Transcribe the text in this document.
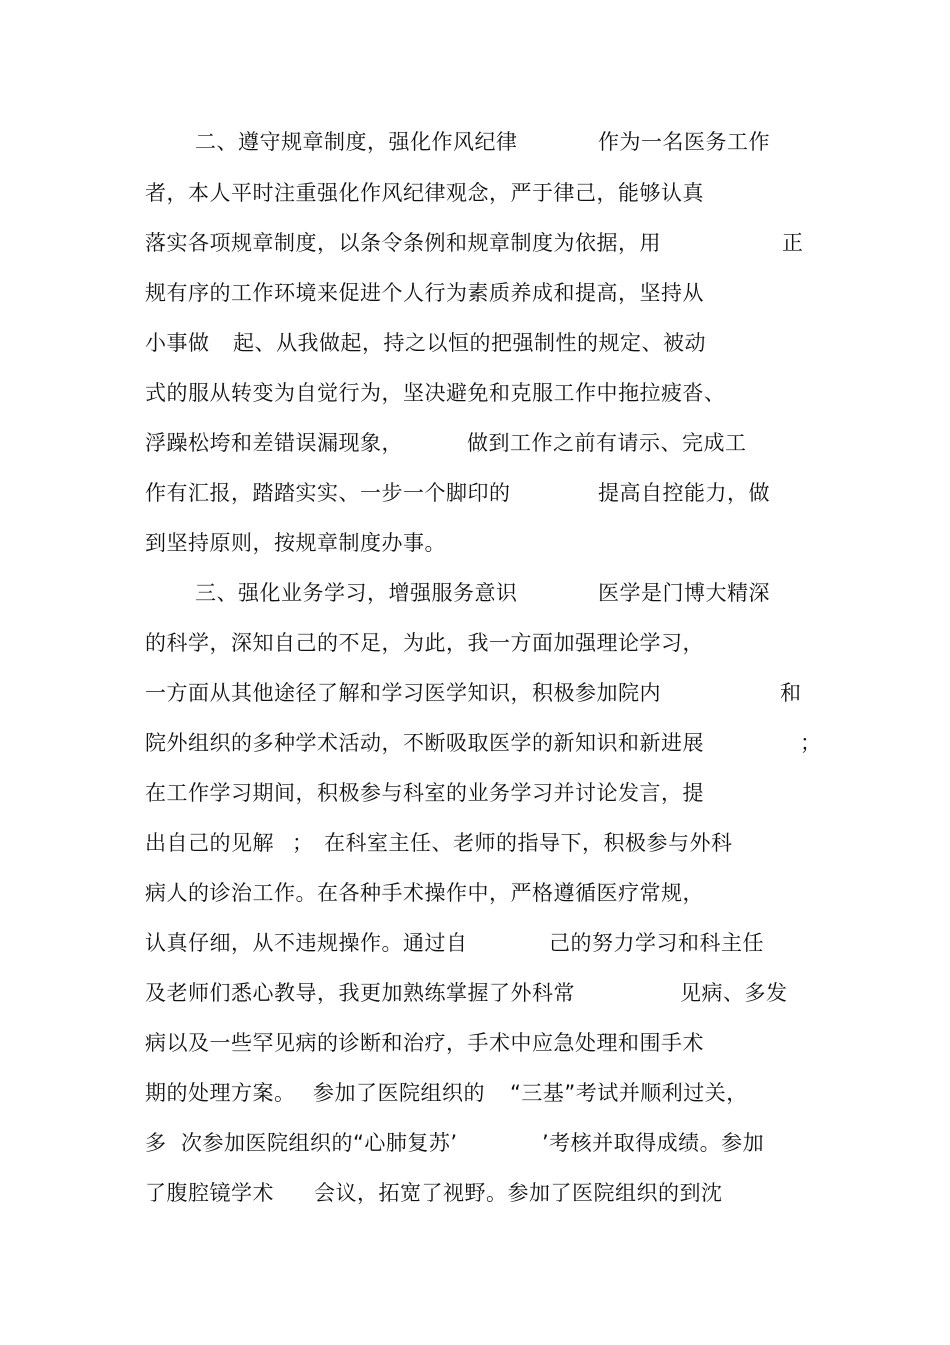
二、遵守规章制度，强化作风纪律

	作为一名医务工作

者，本人平时注重强化作风纪律观念，严于律己，能够认真

落实各项规章制度，以条令条例和规章制度为依据，用

	正

规有序的工作环境来促进个人行为素质养成和提高，坚持从

小事做

起、从我做起，持之以恒的把强制性的规定、被动

式的服从转变为自觉行为，坚决避免和克服工作中拖拉疲沓、

浮躁松垮和差错误漏现象，

	做到工作之前有请示、完成工

作有汇报，踏踏实实、一步一个脚印的

	提高自控能力，做

到坚持原则，按规章制度办事。

三、强化业务学习，增强服务意识

	医学是门博大精深

的科学，深知自己的不足，为此，我一方面加强理论学习，

一方面从其他途径了解和学习医学知识，积极参加院内

	和

院外组织的多种学术活动，不断吸取医学的新知识和新进展

	；

在工作学习期间，积极参与科室的业务学习并讨论发言，提

出自己的见解

；

在科室主任、老师的指导下，积极参与外科

病人的诊治工作。在各种手术操作中，严格遵循医疗常规，

认真仔细，从不违规操作。通过自

	己的努力学习和科主任

及老师们悉心教导，我更加熟练掌握了外科常

	见病、多发

病以及一些罕见病的诊断和治疗，手术中应急处理和围手术

期的处理方案。

参加了医院组织的

“三基”考试并顺利过关，

多

次参加医院组织的“心肺复苏’

	’考核并取得成绩。参加

了腹腔镜学术

会议，拓宽了视野。参加了医院组织的到沈
